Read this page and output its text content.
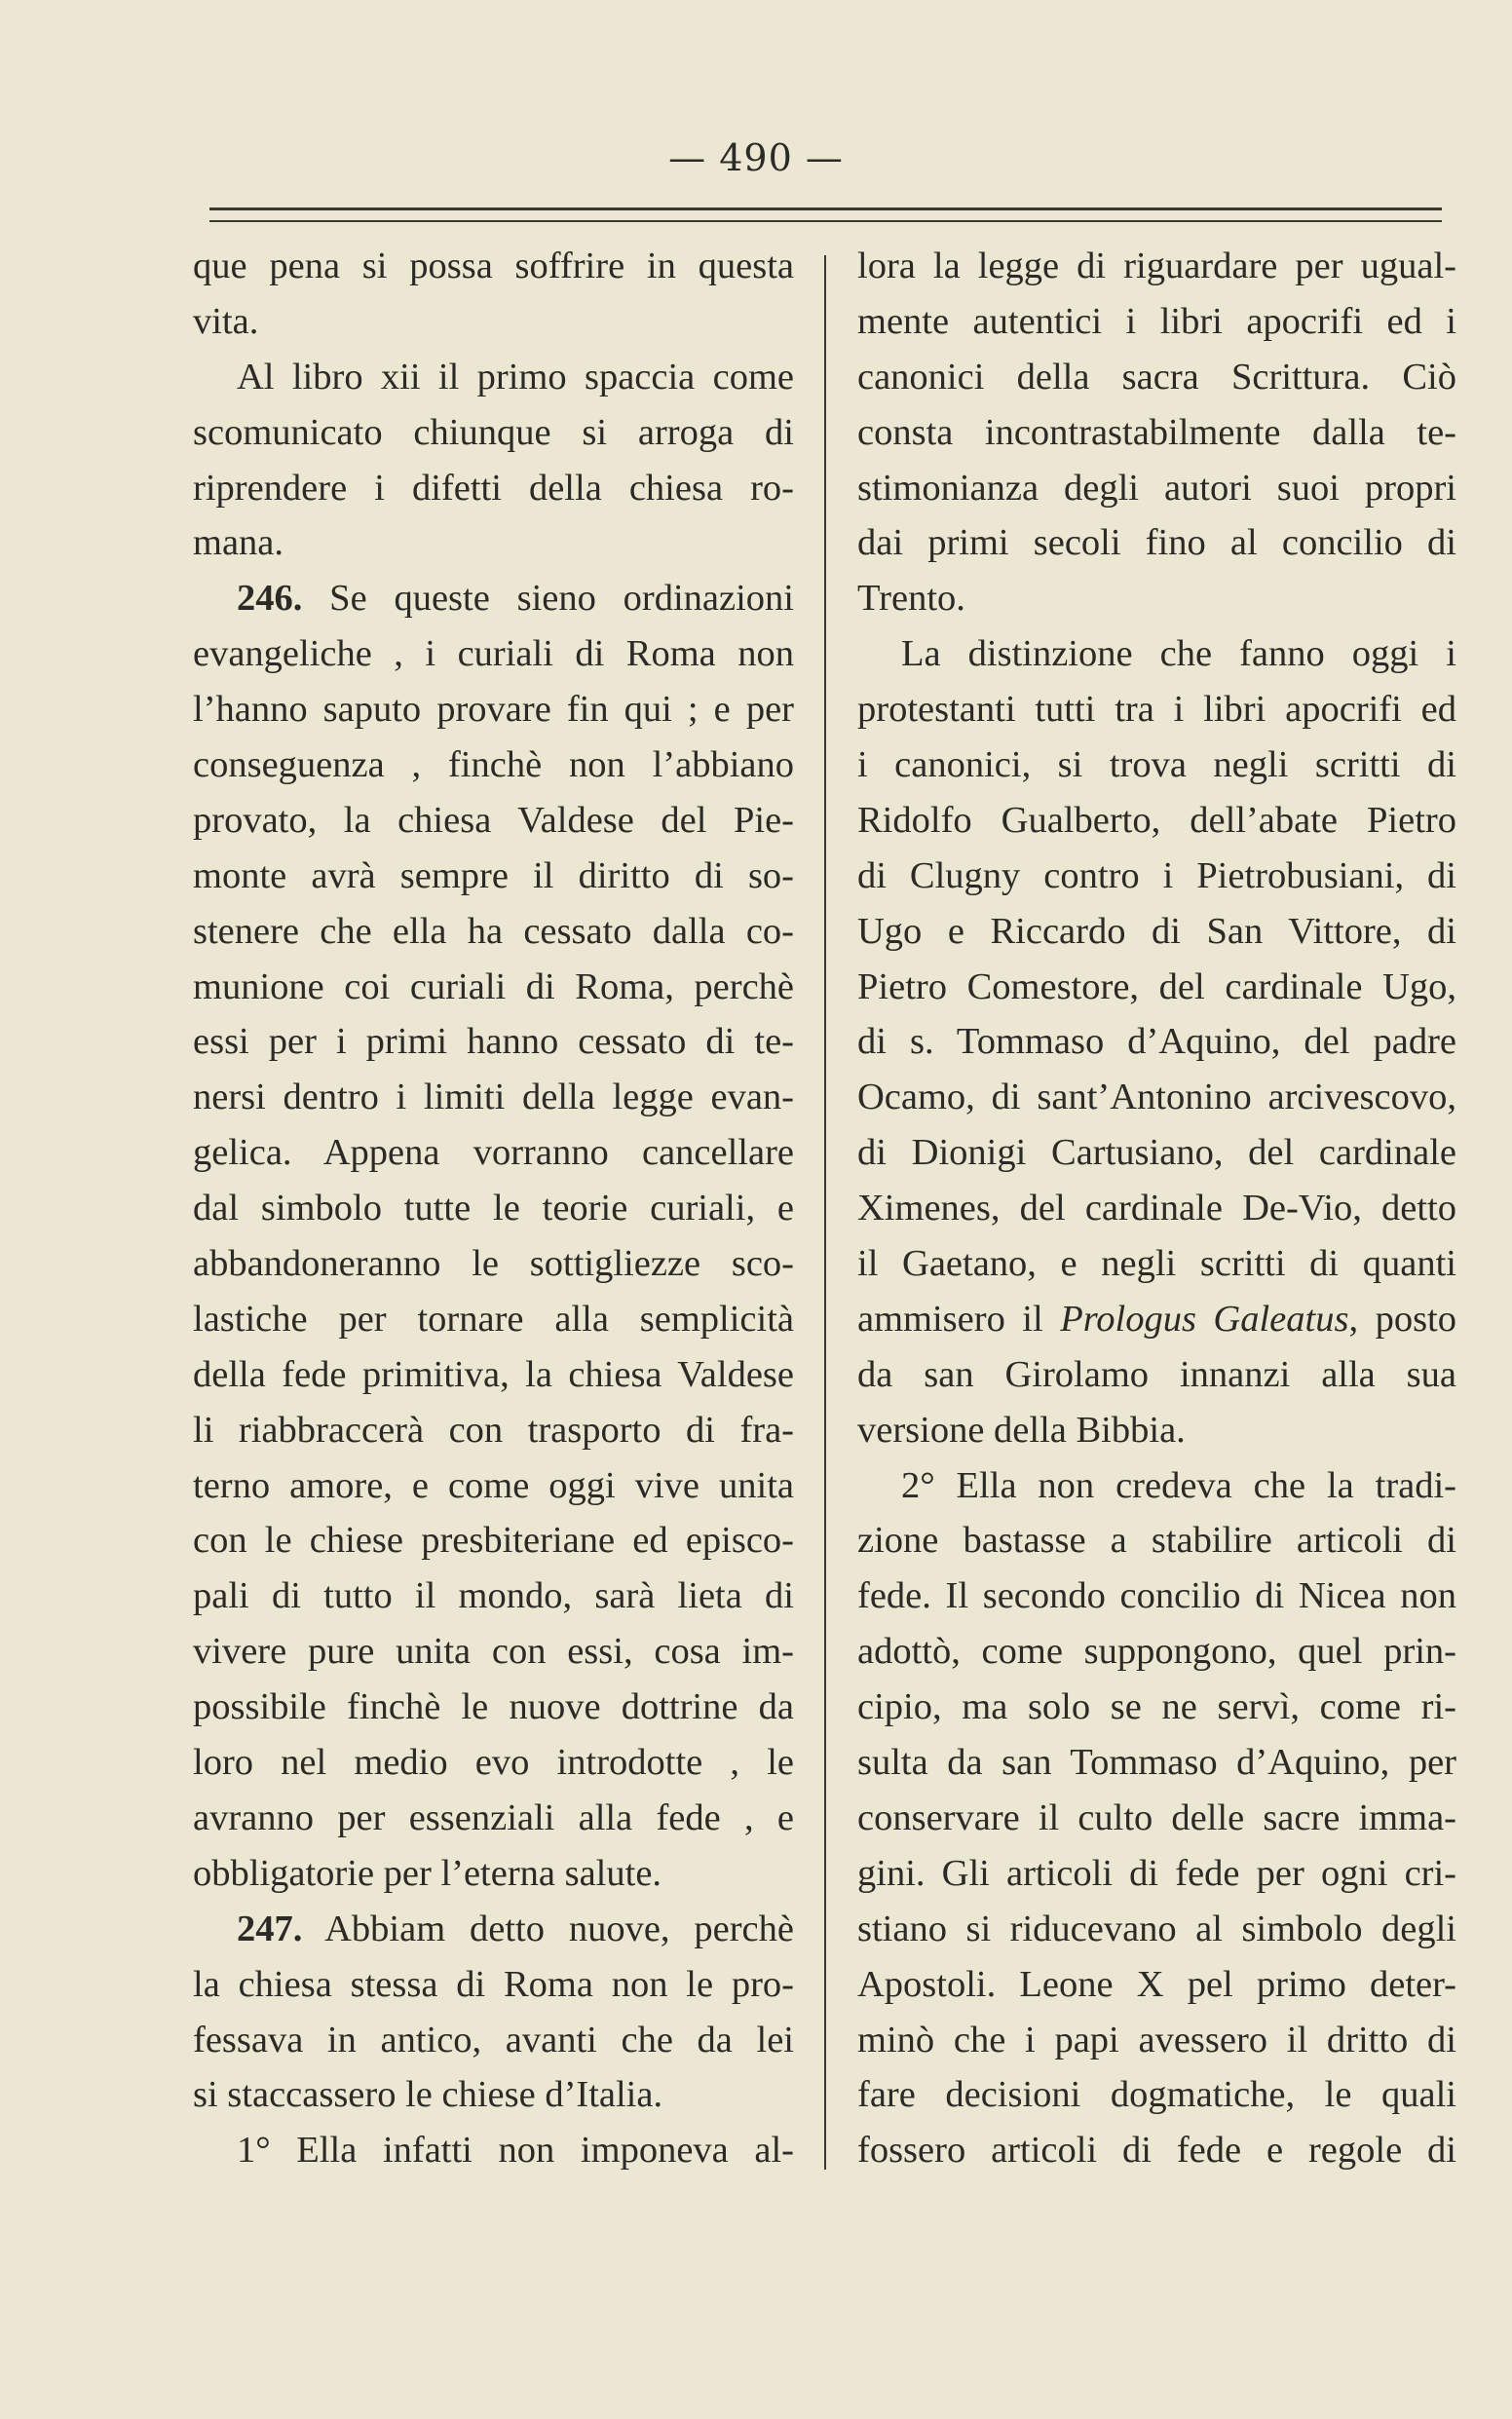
— 490 —
que pena si possa soffrire in questa
vita.
Al libro xii il primo spaccia come
scomunicato chiunque si arroga di
riprendere i difetti della chiesa ro-
mana.
246. Se queste sieno ordinazioni
evangeliche , i curiali di Roma non
l’hanno saputo provare fin qui ; e per
conseguenza , finchè non l’abbiano
provato, la chiesa Valdese del Pie-
monte avrà sempre il diritto di so-
stenere che ella ha cessato dalla co-
munione coi curiali di Roma, perchè
essi per i primi hanno cessato di te-
nersi dentro i limiti della legge evan-
gelica. Appena vorranno cancellare
dal simbolo tutte le teorie curiali, e
abbandoneranno le sottigliezze sco-
lastiche per tornare alla semplicità
della fede primitiva, la chiesa Valdese
li riabbraccerà con trasporto di fra-
terno amore, e come oggi vive unita
con le chiese presbiteriane ed episco-
pali di tutto il mondo, sarà lieta di
vivere pure unita con essi, cosa im-
possibile finchè le nuove dottrine da
loro nel medio evo introdotte , le
avranno per essenziali alla fede , e
obbligatorie per l’eterna salute.
247. Abbiam detto nuove, perchè
la chiesa stessa di Roma non le pro-
fessava in antico, avanti che da lei
si staccassero le chiese d’Italia.
1° Ella infatti non imponeva al-
lora la legge di riguardare per ugual-
mente autentici i libri apocrifi ed i
canonici della sacra Scrittura. Ciò
consta incontrastabilmente dalla te-
stimonianza degli autori suoi propri
dai primi secoli fino al concilio di
Trento.
La distinzione che fanno oggi i
protestanti tutti tra i libri apocrifi ed
i canonici, si trova negli scritti di
Ridolfo Gualberto, dell’abate Pietro
di Clugny contro i Pietrobusiani, di
Ugo e Riccardo di San Vittore, di
Pietro Comestore, del cardinale Ugo,
di s. Tommaso d’Aquino, del padre
Ocamo, di sant’Antonino arcivescovo,
di Dionigi Cartusiano, del cardinale
Ximenes, del cardinale De-Vio, detto
il Gaetano, e negli scritti di quanti
ammisero il Prologus Galeatus, posto
da san Girolamo innanzi alla sua
versione della Bibbia.
2° Ella non credeva che la tradi-
zione bastasse a stabilire articoli di
fede. Il secondo concilio di Nicea non
adottò, come suppongono, quel prin-
cipio, ma solo se ne servì, come ri-
sulta da san Tommaso d’Aquino, per
conservare il culto delle sacre imma-
gini. Gli articoli di fede per ogni cri-
stiano si riducevano al simbolo degli
Apostoli. Leone X pel primo deter-
minò che i papi avessero il dritto di
fare decisioni dogmatiche, le quali
fossero articoli di fede e regole di
